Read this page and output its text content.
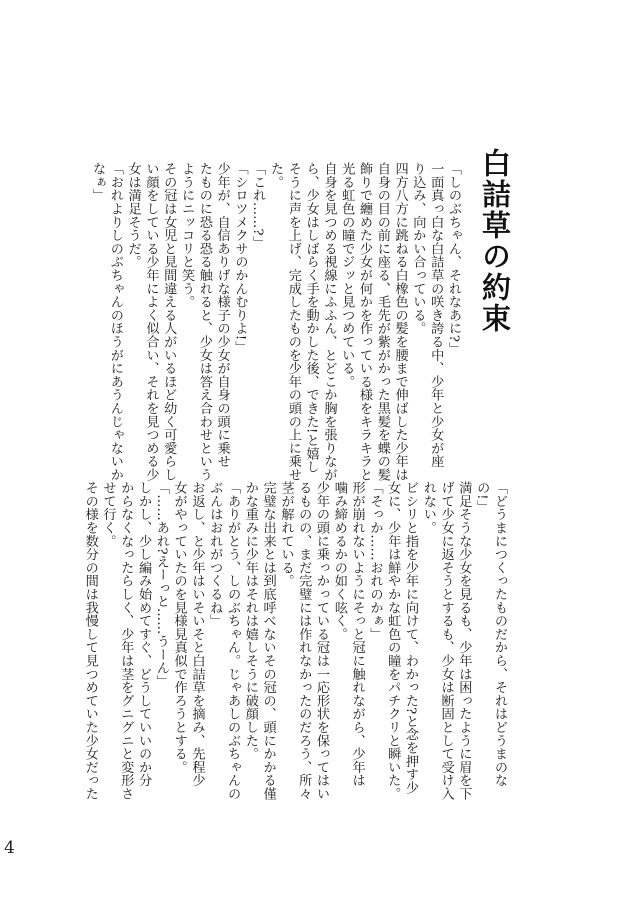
白詰草の約束
「しのぶちゃん、それなあに?」
一面真っ白な白詰草の咲き誇る中、少年と少女が座
り込み、向かい合っている。
四方八方に跳ねる白橡色の髪を腰まで伸ばした少年は
自身の目の前に座る、毛先が紫がかった黒髪を蝶の髪
飾りで纏めた少女が何かを作っている様をキラキラと
光る虹色の瞳でジッと見つめている。
自身を見つめる視線にふふん、とどこか胸を張りなが
ら、少女はしばらく手を動かした後、できた!と嬉し
そうに声を上げ、完成したものを少年の頭の上に乗せ
た。
「これ……?」
「シロツメクサのかんむりよ!」
少年が、自信ありげな様子の少女が自身の頭に乗せ
たものに恐る恐る触れると、少女は答え合わせという
ようにニッコリと笑う。
その冠は女児と見間違える人がいるほど幼く可愛らし
い顔をしている少年によく似合い、それを見つめる少
女は満足そうだ。
「おれよりしのぶちゃんのほうがにあうんじゃないか
なぁ」
「どうまにつくったものだから、それはどうまのな
の!」
満足そうな少女を見るも、少年は困ったように眉を下
げて少女に返そうとするも、少女は断固として受け入
れない。
ビシリと指を少年に向けて、わかった?と念を押す少
女に、少年は鮮やかな虹色の瞳をパチクリと瞬いた。
「そっか……おれのかぁ」
形が崩れないようにそっと冠に触れながら、少年は
噛み締めるかの如く呟く。
少年の頭に乗っかっている冠は一応形状を保ってはい
るものの、まだ完璧には作れなかったのだろう、所々
茎が解れている。
完璧な出来とは到底呼べないその冠の、頭にかかる僅
かな重みに少年はそれは嬉しそうに破顔した。
「ありがとう、しのぶちゃん。じゃあしのぶちゃんの
ぶんはおれがつくるね」
お返し、と少年はいそいそと白詰草を摘み、先程少
女がやっていたのを見様見真似で作ろうとする。
「……あれ?えーっと……うーん」
しかし、少し編み始めてすぐ、どうしていいのか分
からなくなったらしく、少年は茎をグニグニと変形さ
せて行く。
その様を数分の間は我慢して見つめていた少女だった
4
